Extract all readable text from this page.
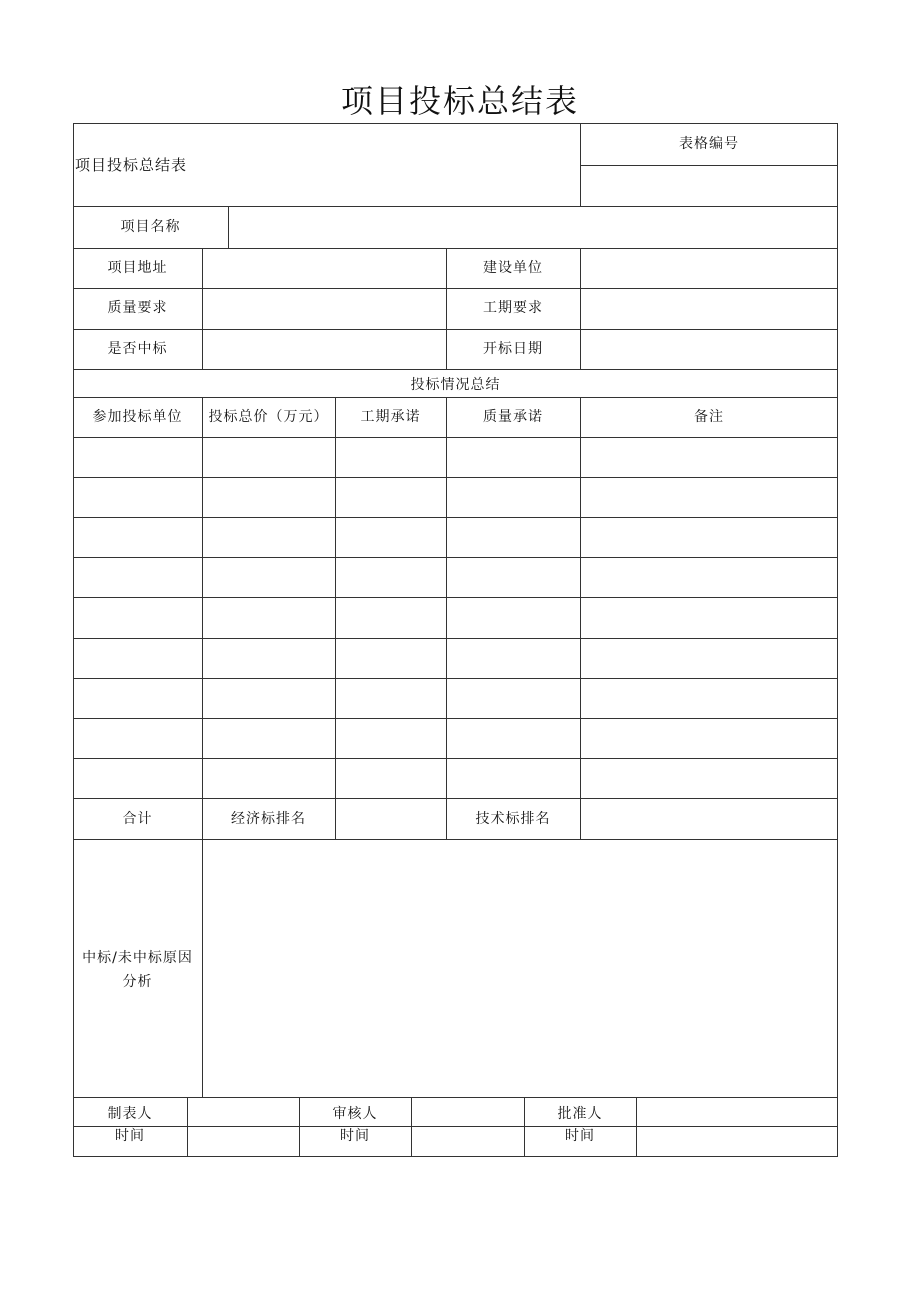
项目投标总结表
项目投标总结表
表格编号
项目名称
项目地址	建设单位
质量要求	工期要求
是否中标	开标日期
投标情况总结
参加投标单位	投标总价（万元）	工期承诺	质量承诺	备注
合计	经济标排名	技术标排名
中标/未中标原因
分析
制表人	审核人	批准人
时间	时间	时间
